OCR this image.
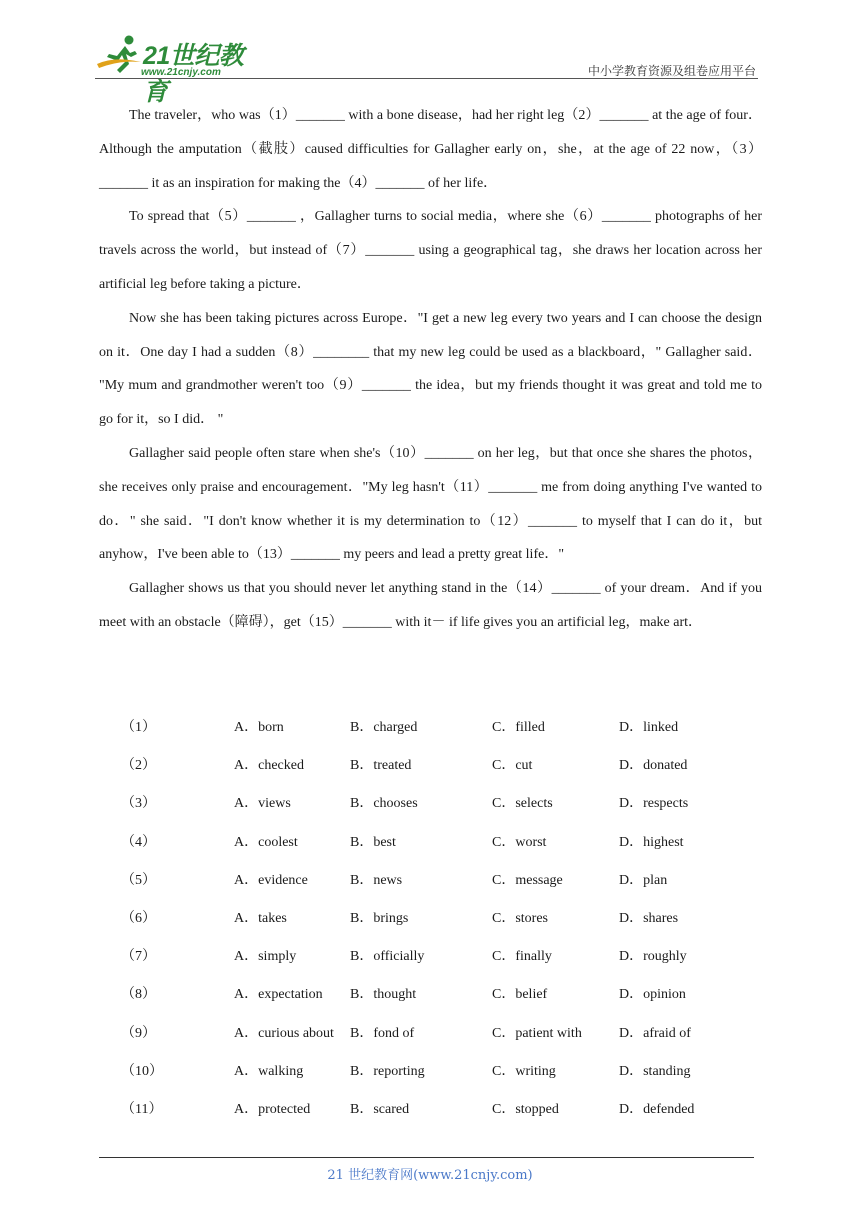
21世纪教育
www.21cnjy.com	中小学教育资源及组卷应用平台

The traveler，who was（1）_______ with a bone disease，had her right leg（2）_______ at the age of four．Although the amputation（截肢）caused difficulties for Gallagher early on，she，at the age of 22 now，（3）_______ it as an inspiration for making the（4）_______ of her life．

To spread that（5）_______ ，Gallagher turns to social media，where she（6）_______ photographs of her travels across the world，but instead of（7）_______ using a geographical tag，she draws her location across her artificial leg before taking a picture．

Now she has been taking pictures across Europe．"I get a new leg every two years and I can choose the design on it．One day I had a sudden（8）________ that my new leg could be used as a blackboard，" Gallagher said． "My mum and grandmother weren't too（9）_______ the idea，but my friends thought it was great and told me to go for it，so I did． "

Gallagher said people often stare when she's（10）_______ on her leg，but that once she shares the photos，she receives only praise and encouragement．"My leg hasn't（11）_______ me from doing anything I've wanted to do．" she said．"I don't know whether it is my determination to（12）_______ to myself that I can do it，but anyhow，I've been able to（13）_______ my peers and lead a pretty great life．"

Gallagher shows us that you should never let anything stand in the（14）_______ of your dream．And if you meet with an obstacle（障碍），get（15）_______ with it－ if life gives you an artificial leg，make art．

（1）	A．born	B．charged	C．filled	D．linked
（2）	A．checked	B．treated	C．cut	D．donated
（3）	A．views	B．chooses	C．selects	D．respects
（4）	A．coolest	B．best	C．worst	D．highest
（5）	A．evidence	B．news	C．message	D．plan
（6）	A．takes	B．brings	C．stores	D．shares
（7）	A．simply	B．officially	C．finally	D．roughly
（8）	A．expectation B．thought	C．belief	D．opinion
（9）	A．curious about B．fond of	C．patient with	D．afraid of
（10）	A．walking	B．reporting	C．writing	D．standing
（11）	A．protected	B．scared	C．stopped	D．defended
21 世纪教育网(www.21cnjy.com)
